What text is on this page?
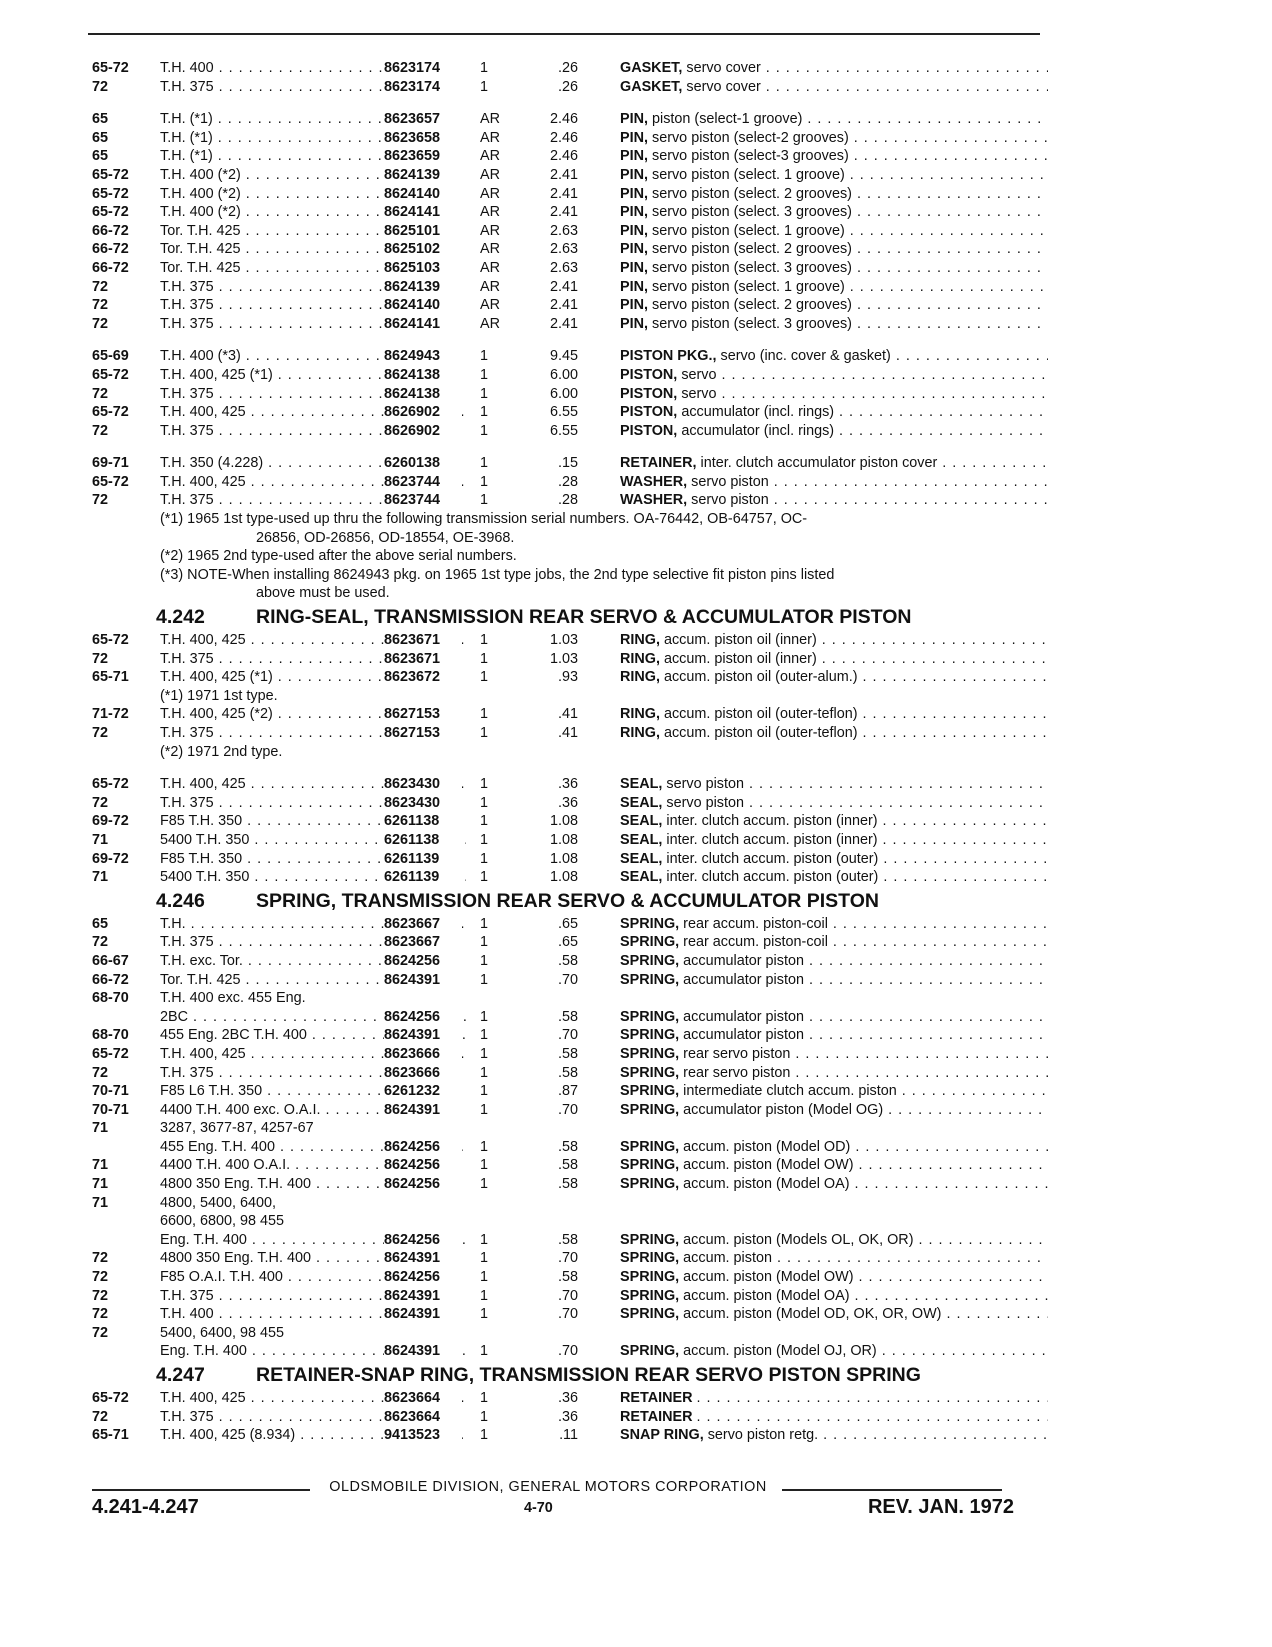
65-72	T.H. 400 . . .	8623174	1	.26	GASKET, servo cover . . .
72	T.H. 375 . . .	8623174	1	.26	GASKET, servo cover . . .
65	T.H. (*1) . . .	8623657	AR	2.46	PIN, piston (select-1 groove) . . .
65	T.H. (*1) . . .	8623658	AR	2.46	PIN, servo piston (select-2 grooves) . . .
65	T.H. (*1) . . .	8623659	AR	2.46	PIN, servo piston (select-3 grooves) . . .
65-72	T.H. 400 (*2) . . .	8624139	AR	2.41	PIN, servo piston (select. 1 groove) . . .
65-72	T.H. 400 (*2) . . .	8624140	AR	2.41	PIN, servo piston (select. 2 grooves) . . .
65-72	T.H. 400 (*2) . . .	8624141	AR	2.41	PIN, servo piston (select. 3 grooves) . . .
66-72	Tor. T.H. 425 . . .	8625101	AR	2.63	PIN, servo piston (select. 1 groove) . . .
66-72	Tor. T.H. 425 . . .	8625102	AR	2.63	PIN, servo piston (select. 2 grooves) . . .
66-72	Tor. T.H. 425 . . .	8625103	AR	2.63	PIN, servo piston (select. 3 grooves) . . .
72	T.H. 375 . . .	8624139	AR	2.41	PIN, servo piston (select. 1 groove) . . .
72	T.H. 375 . . .	8624140	AR	2.41	PIN, servo piston (select. 2 grooves) . . .
72	T.H. 375 . . .	8624141	AR	2.41	PIN, servo piston (select. 3 grooves) . . .
65-69	T.H. 400 (*3) . . .	8624943	1	9.45	PISTON PKG., servo (inc. cover & gasket) . . .
65-72	T.H. 400, 425 (*1) . . .	8624138	1	6.00	PISTON, servo . . .
72	T.H. 375 . . .	8624138	1	6.00	PISTON, servo . . .
65-72	T.H. 400, 425 . . .	8626902	1	6.55	PISTON, accumulator (incl. rings) . . .
72	T.H. 375 . . .	8626902	1	6.55	PISTON, accumulator (incl. rings) . . .
69-71	T.H. 350 (4.228) . . .	6260138	1	.15	RETAINER, inter. clutch accumulator piston cover . . .
65-72	T.H. 400, 425 . . .	8623744	1	.28	WASHER, servo piston . . .
72	T.H. 375 . . .	8623744	1	.28	WASHER, servo piston . . .
(*1) 1965 1st type-used up thru the following transmission serial numbers. OA-76442, OB-64757, OC-
26856, OD-26856, OD-18554, OE-3968.
(*2) 1965 2nd type-used after the above serial numbers.
(*3) NOTE-When installing 8624943 pkg. on 1965 1st type jobs, the 2nd type selective fit piston pins listed
above must be used.
4.242	RING-SEAL, TRANSMISSION REAR SERVO & ACCUMULATOR PISTON
65-72	T.H. 400, 425 . . .	8623671	1	1.03	RING, accum. piston oil (inner) . . .
72	T.H. 375 . . .	8623671	1	1.03	RING, accum. piston oil (inner) . . .
65-71	T.H. 400, 425 (*1) . . .	8623672	1	.93	RING, accum. piston oil (outer-alum.) . . .
(*1) 1971 1st type.
71-72	T.H. 400, 425 (*2) . . .	8627153	1	.41	RING, accum. piston oil (outer-teflon) . . .
72	T.H. 375 . . .	8627153	1	.41	RING, accum. piston oil (outer-teflon) . . .
(*2) 1971 2nd type.
65-72	T.H. 400, 425 . . .	8623430	1	.36	SEAL, servo piston . . .
72	T.H. 375 . . .	8623430	1	.36	SEAL, servo piston . . .
69-72	F85 T.H. 350 . . .	6261138	1	1.08	SEAL, inter. clutch accum. piston (inner) . . .
71	5400 T.H. 350 . . .	6261138	1	1.08	SEAL, inter. clutch accum. piston (inner) . . .
69-72	F85 T.H. 350 . . .	6261139	1	1.08	SEAL, inter. clutch accum. piston (outer) . . .
71	5400 T.H. 350 . . .	6261139	1	1.08	SEAL, inter. clutch accum. piston (outer) . . .
4.246	SPRING, TRANSMISSION REAR SERVO & ACCUMULATOR PISTON
65	T.H. . . .	8623667	1	.65	SPRING, rear accum. piston-coil . . .
72	T.H. 375 . . .	8623667	1	.65	SPRING, rear accum. piston-coil . . .
66-67	T.H. exc. Tor. . . .	8624256	1	.58	SPRING, accumulator piston . . .
66-72	Tor. T.H. 425 . . .	8624391	1	.70	SPRING, accumulator piston . . .
68-70	T.H. 400 exc. 455 Eng.
2BC . . .	8624256	1	.58	SPRING, accumulator piston . . .
68-70	455 Eng. 2BC T.H. 400 . . .	8624391	1	.70	SPRING, accumulator piston . . .
65-72	T.H. 400, 425 . . .	8623666	1	.58	SPRING, rear servo piston . . .
72	T.H. 375 . . .	8623666	1	.58	SPRING, rear servo piston . . .
70-71	F85 L6 T.H. 350 . . .	6261232	1	.87	SPRING, intermediate clutch accum. piston . . .
70-71	4400 T.H. 400 exc. O.A.I. . . .	8624391	1	.70	SPRING, accumulator piston (Model OG) . . .
71	3287, 3677-87, 4257-67
455 Eng. T.H. 400 . . .	8624256	1	.58	SPRING, accum. piston (Model OD) . . .
71	4400 T.H. 400 O.A.I. . . .	8624256	1	.58	SPRING, accum. piston (Model OW) . . .
71	4800 350 Eng. T.H. 400 . . .	8624256	1	.58	SPRING, accum. piston (Model OA) . . .
71	4800, 5400, 6400,
6600, 6800, 98 455
Eng. T.H. 400 . . .	8624256	1	.58	SPRING, accum. piston (Models OL, OK, OR) . . .
72	4800 350 Eng. T.H. 400 . . .	8624391	1	.70	SPRING, accum. piston . . .
72	F85 O.A.I. T.H. 400 . . .	8624256	1	.58	SPRING, accum. piston (Model OW) . . .
72	T.H. 375 . . .	8624391	1	.70	SPRING, accum. piston (Model OA) . . .
72	T.H. 400 . . .	8624391	1	.70	SPRING, accum. piston (Model OD, OK, OR, OW) . . .
72	5400, 6400, 98 455
Eng. T.H. 400 . . .	8624391	1	.70	SPRING, accum. piston (Model OJ, OR) . . .
4.247	RETAINER-SNAP RING, TRANSMISSION REAR SERVO PISTON SPRING
65-72	T.H. 400, 425 . . .	8623664	1	.36	RETAINER . . .
72	T.H. 375 . . .	8623664	1	.36	RETAINER . . .
65-71	T.H. 400, 425 (8.934) . . .	9413523	1	.11	SNAP RING, servo piston retg. . . .
OLDSMOBILE DIVISION, GENERAL MOTORS CORPORATION
4.241-4.247	4-70	REV. JAN. 1972
